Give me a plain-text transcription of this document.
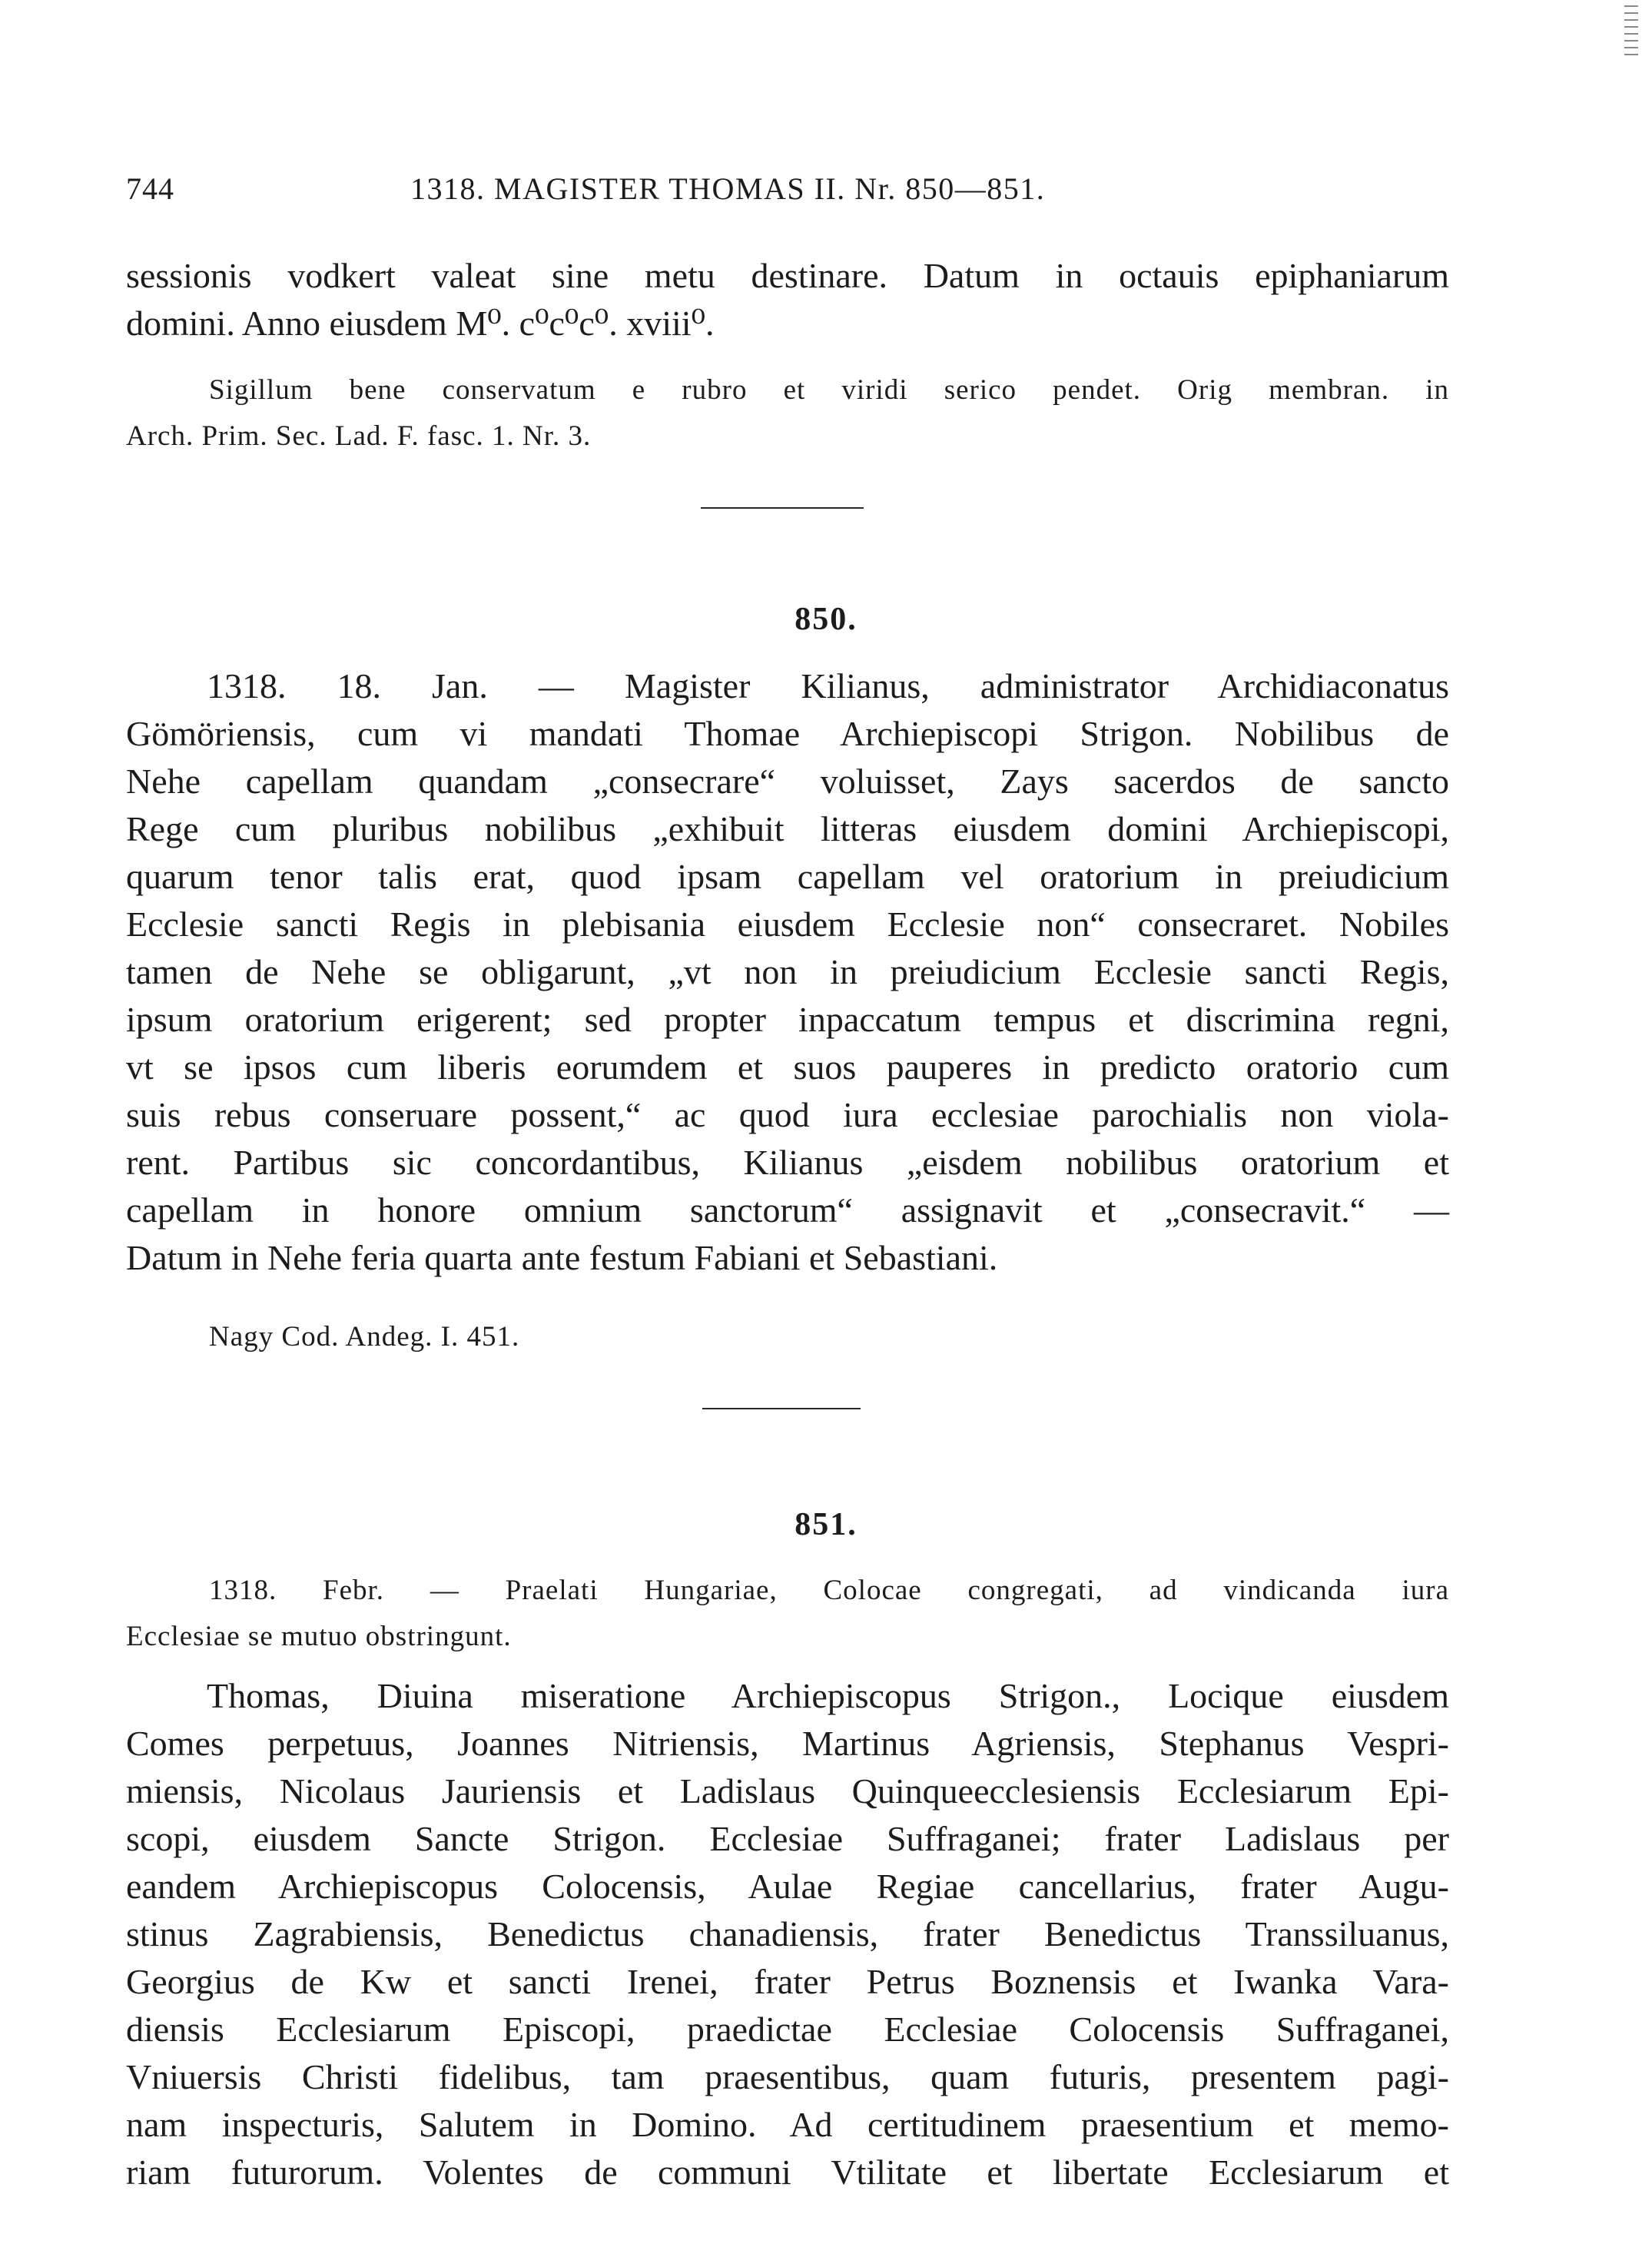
744	1318. MAGISTER THOMAS II. Nr. 850—851.
sessionis vodkert valeat sine metu destinare. Datum in octauis epiphaniarum
domini. Anno eiusdem M⁰. c⁰c⁰c⁰. xviii⁰.
Sigillum bene conservatum e rubro et viridi serico pendet. Orig membran. in
Arch. Prim. Sec. Lad. F. fasc. 1. Nr. 3.
850.
1318. 18. Jan. — Magister Kilianus, administrator Archidiaconatus
Gömöriensis, cum vi mandati Thomae Archiepiscopi Strigon. Nobilibus de
Nehe capellam quandam „consecrare“ voluisset, Zays sacerdos de sancto
Rege cum pluribus nobilibus „exhibuit litteras eiusdem domini Archiepiscopi,
quarum tenor talis erat, quod ipsam capellam vel oratorium in preiudicium
Ecclesie sancti Regis in plebisania eiusdem Ecclesie non“ consecraret. Nobiles
tamen de Nehe se obligarunt, „vt non in preiudicium Ecclesie sancti Regis,
ipsum oratorium erigerent; sed propter inpaccatum tempus et discrimina regni,
vt se ipsos cum liberis eorumdem et suos pauperes in predicto oratorio cum
suis rebus conseruare possent,“ ac quod iura ecclesiae parochialis non viola-
rent. Partibus sic concordantibus, Kilianus „eisdem nobilibus oratorium et
capellam in honore omnium sanctorum“ assignavit et „consecravit.“ —
Datum in Nehe feria quarta ante festum Fabiani et Sebastiani.
Nagy Cod. Andeg. I. 451.
851.
1318. Febr. — Praelati Hungariae, Colocae congregati, ad vindicanda iura
Ecclesiae se mutuo obstringunt.
Thomas, Diuina miseratione Archiepiscopus Strigon., Locique eiusdem
Comes perpetuus, Joannes Nitriensis, Martinus Agriensis, Stephanus Vespri-
miensis, Nicolaus Jauriensis et Ladislaus Quinqueecclesiensis Ecclesiarum Epi-
scopi, eiusdem Sancte Strigon. Ecclesiae Suffraganei; frater Ladislaus per
eandem Archiepiscopus Colocensis, Aulae Regiae cancellarius, frater Augu-
stinus Zagrabiensis, Benedictus chanadiensis, frater Benedictus Transsiluanus,
Georgius de Kw et sancti Irenei, frater Petrus Boznensis et Iwanka Vara-
diensis Ecclesiarum Episcopi, praedictae Ecclesiae Colocensis Suffraganei,
Vniuersis Christi fidelibus, tam praesentibus, quam futuris, presentem pagi-
nam inspecturis, Salutem in Domino. Ad certitudinem praesentium et memo-
riam futurorum. Volentes de communi Vtilitate et libertate Ecclesiarum et
